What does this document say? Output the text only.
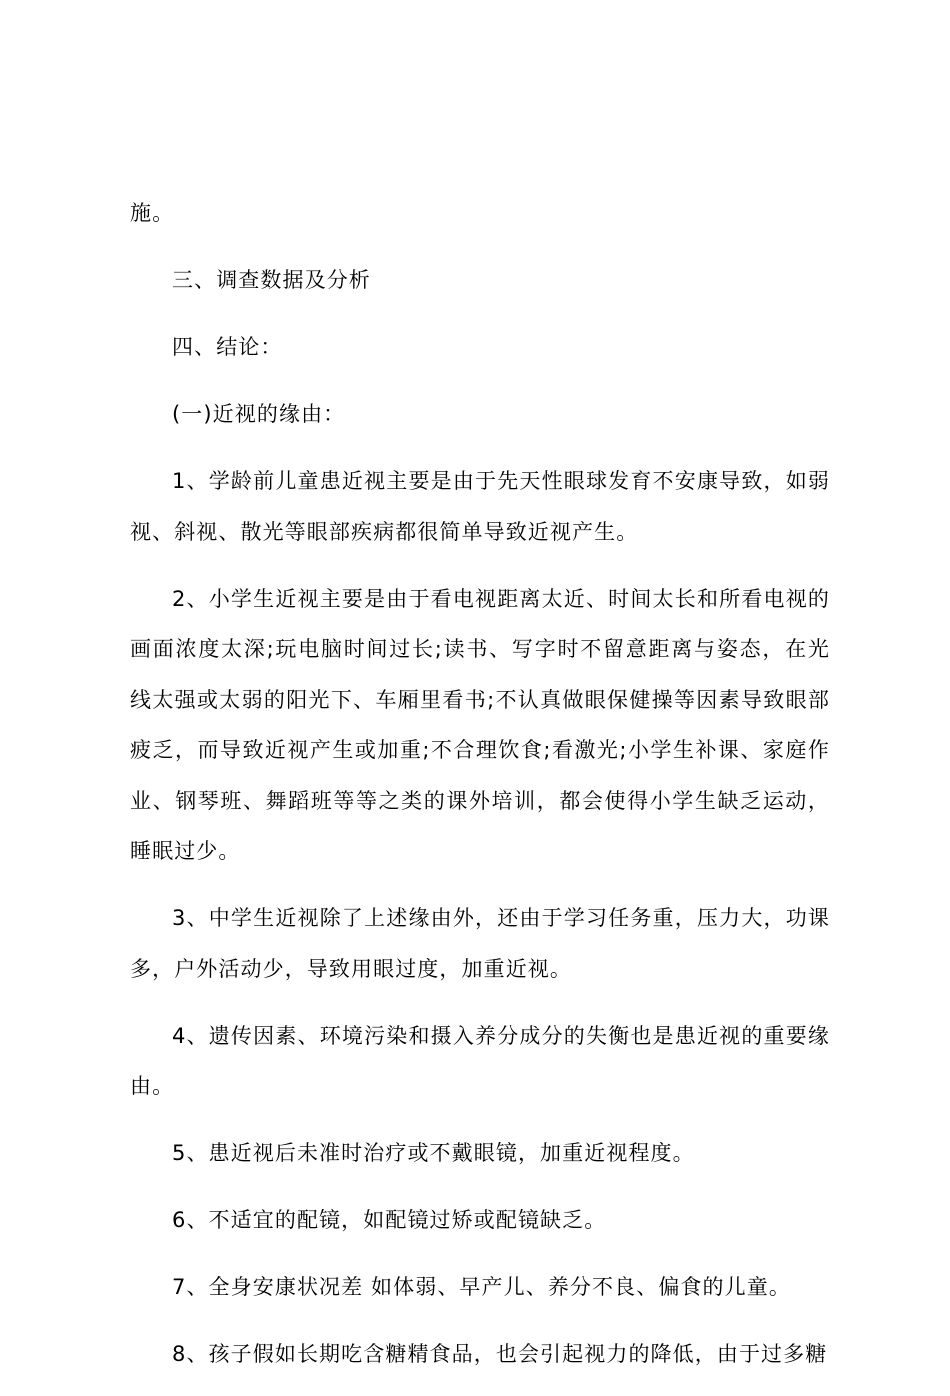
施。

三、调查数据及分析

四、结论：

(一)近视的缘由：

1、学龄前儿童患近视主要是由于先天性眼球发育不安康导致，如弱视、斜视、散光等眼部疾病都很简单导致近视产生。

2、小学生近视主要是由于看电视距离太近、时间太长和所看电视的画面浓度太深;玩电脑时间过长;读书、写字时不留意距离与姿态，在光线太强或太弱的阳光下、车厢里看书;不认真做眼保健操等因素导致眼部疲乏，而导致近视产生或加重;不合理饮食;看激光;小学生补课、家庭作业、钢琴班、舞蹈班等等之类的课外培训，都会使得小学生缺乏运动，睡眠过少。

3、中学生近视除了上述缘由外，还由于学习任务重，压力大，功课多，户外活动少，导致用眼过度，加重近视。

4、遗传因素、环境污染和摄入养分成分的失衡也是患近视的重要缘由。

5、患近视后未准时治疗或不戴眼镜，加重近视程度。

6、不适宜的配镜，如配镜过矫或配镜缺乏。

7、全身安康状况差 如体弱、早产儿、养分不良、偏食的儿童。

8、孩子假如长期吃含糖精食品，也会引起视力的降低，由于过多糖
